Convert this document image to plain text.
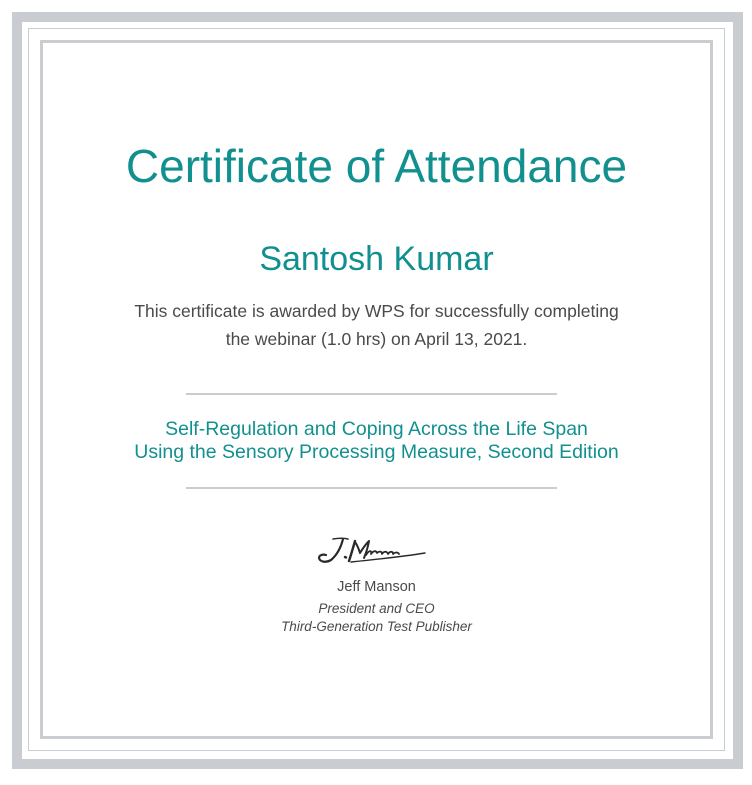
Certificate of Attendance
Santosh Kumar
This certificate is awarded by WPS for successfully completing
the webinar (1.0 hrs) on April 13, 2021.
Self-Regulation and Coping Across the Life Span
Using the Sensory Processing Measure, Second Edition
Jeff Manson
President and CEO
Third-Generation Test Publisher
